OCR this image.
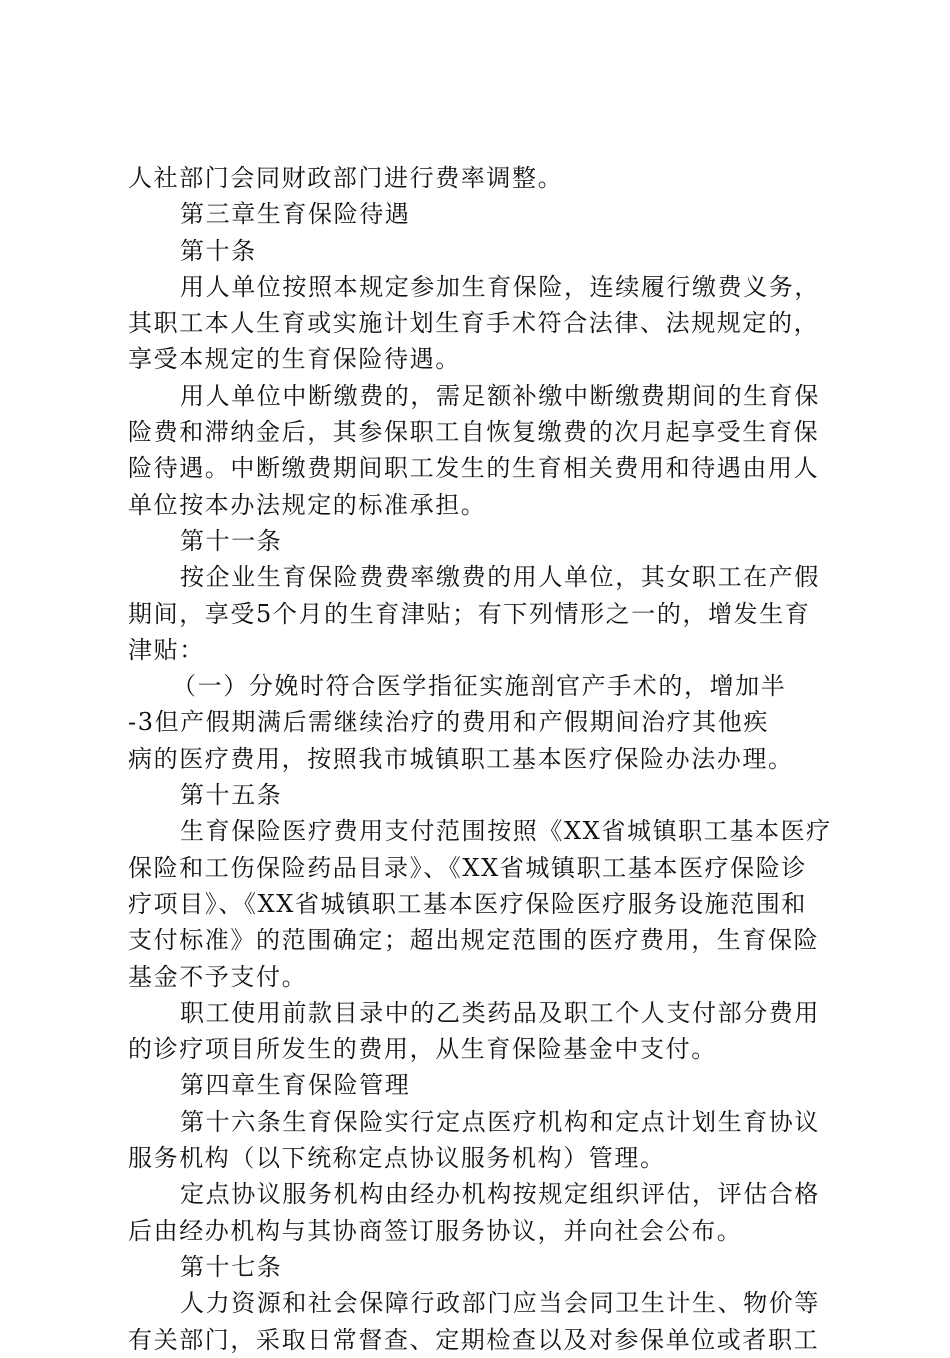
人社部门会同财政部门进行费率调整。
第三章生育保险待遇
第十条
用人单位按照本规定参加生育保险，连续履行缴费义务，
其职工本人生育或实施计划生育手术符合法律、法规规定的，
享受本规定的生育保险待遇。
用人单位中断缴费的，需足额补缴中断缴费期间的生育保
险费和滞纳金后，其参保职工自恢复缴费的次月起享受生育保
险待遇。中断缴费期间职工发生的生育相关费用和待遇由用人
单位按本办法规定的标准承担。
第十一条
按企业生育保险费费率缴费的用人单位，其女职工在产假
期间，享受5个月的生育津贴；有下列情形之一的，增发生育
津贴：
（一）分娩时符合医学指征实施剖官产手术的，增加半
-3但产假期满后需继续治疗的费用和产假期间治疗其他疾
病的医疗费用，按照我市城镇职工基本医疗保险办法办理。
第十五条
生育保险医疗费用支付范围按照《XX省城镇职工基本医疗
保险和工伤保险药品目录》、《XX省城镇职工基本医疗保险诊
疗项目》、《XX省城镇职工基本医疗保险医疗服务设施范围和
支付标准》的范围确定；超出规定范围的医疗费用，生育保险
基金不予支付。
职工使用前款目录中的乙类药品及职工个人支付部分费用
的诊疗项目所发生的费用，从生育保险基金中支付。
第四章生育保险管理
第十六条生育保险实行定点医疗机构和定点计划生育协议
服务机构（以下统称定点协议服务机构）管理。
定点协议服务机构由经办机构按规定组织评估，评估合格
后由经办机构与其协商签订服务协议，并向社会公布。
第十七条
人力资源和社会保障行政部门应当会同卫生计生、物价等
有关部门，采取日常督查、定期检查以及对参保单位或者职工
